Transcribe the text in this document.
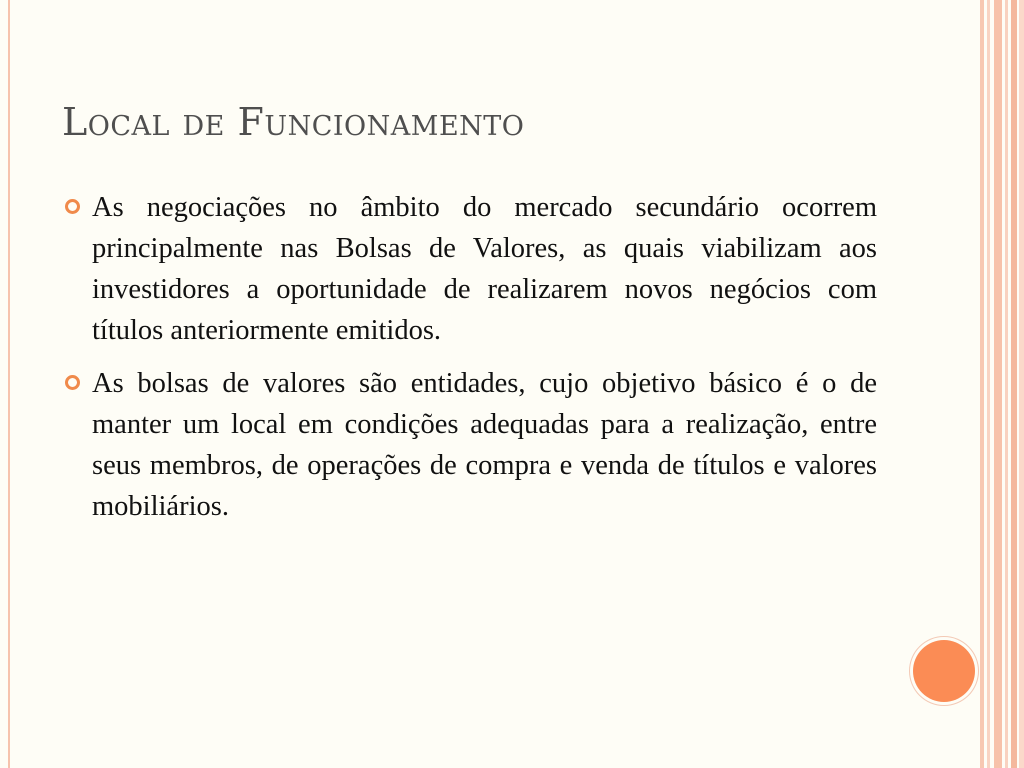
Local de Funcionamento

As negociações no âmbito do mercado secundário ocorrem principalmente nas Bolsas de Valores, as quais viabilizam aos investidores a oportunidade de realizarem novos negócios com títulos anteriormente emitidos.

As bolsas de valores são entidades, cujo objetivo básico é o de manter um local em condições adequadas para a realização, entre seus membros, de operações de compra e venda de títulos e valores mobiliários.
